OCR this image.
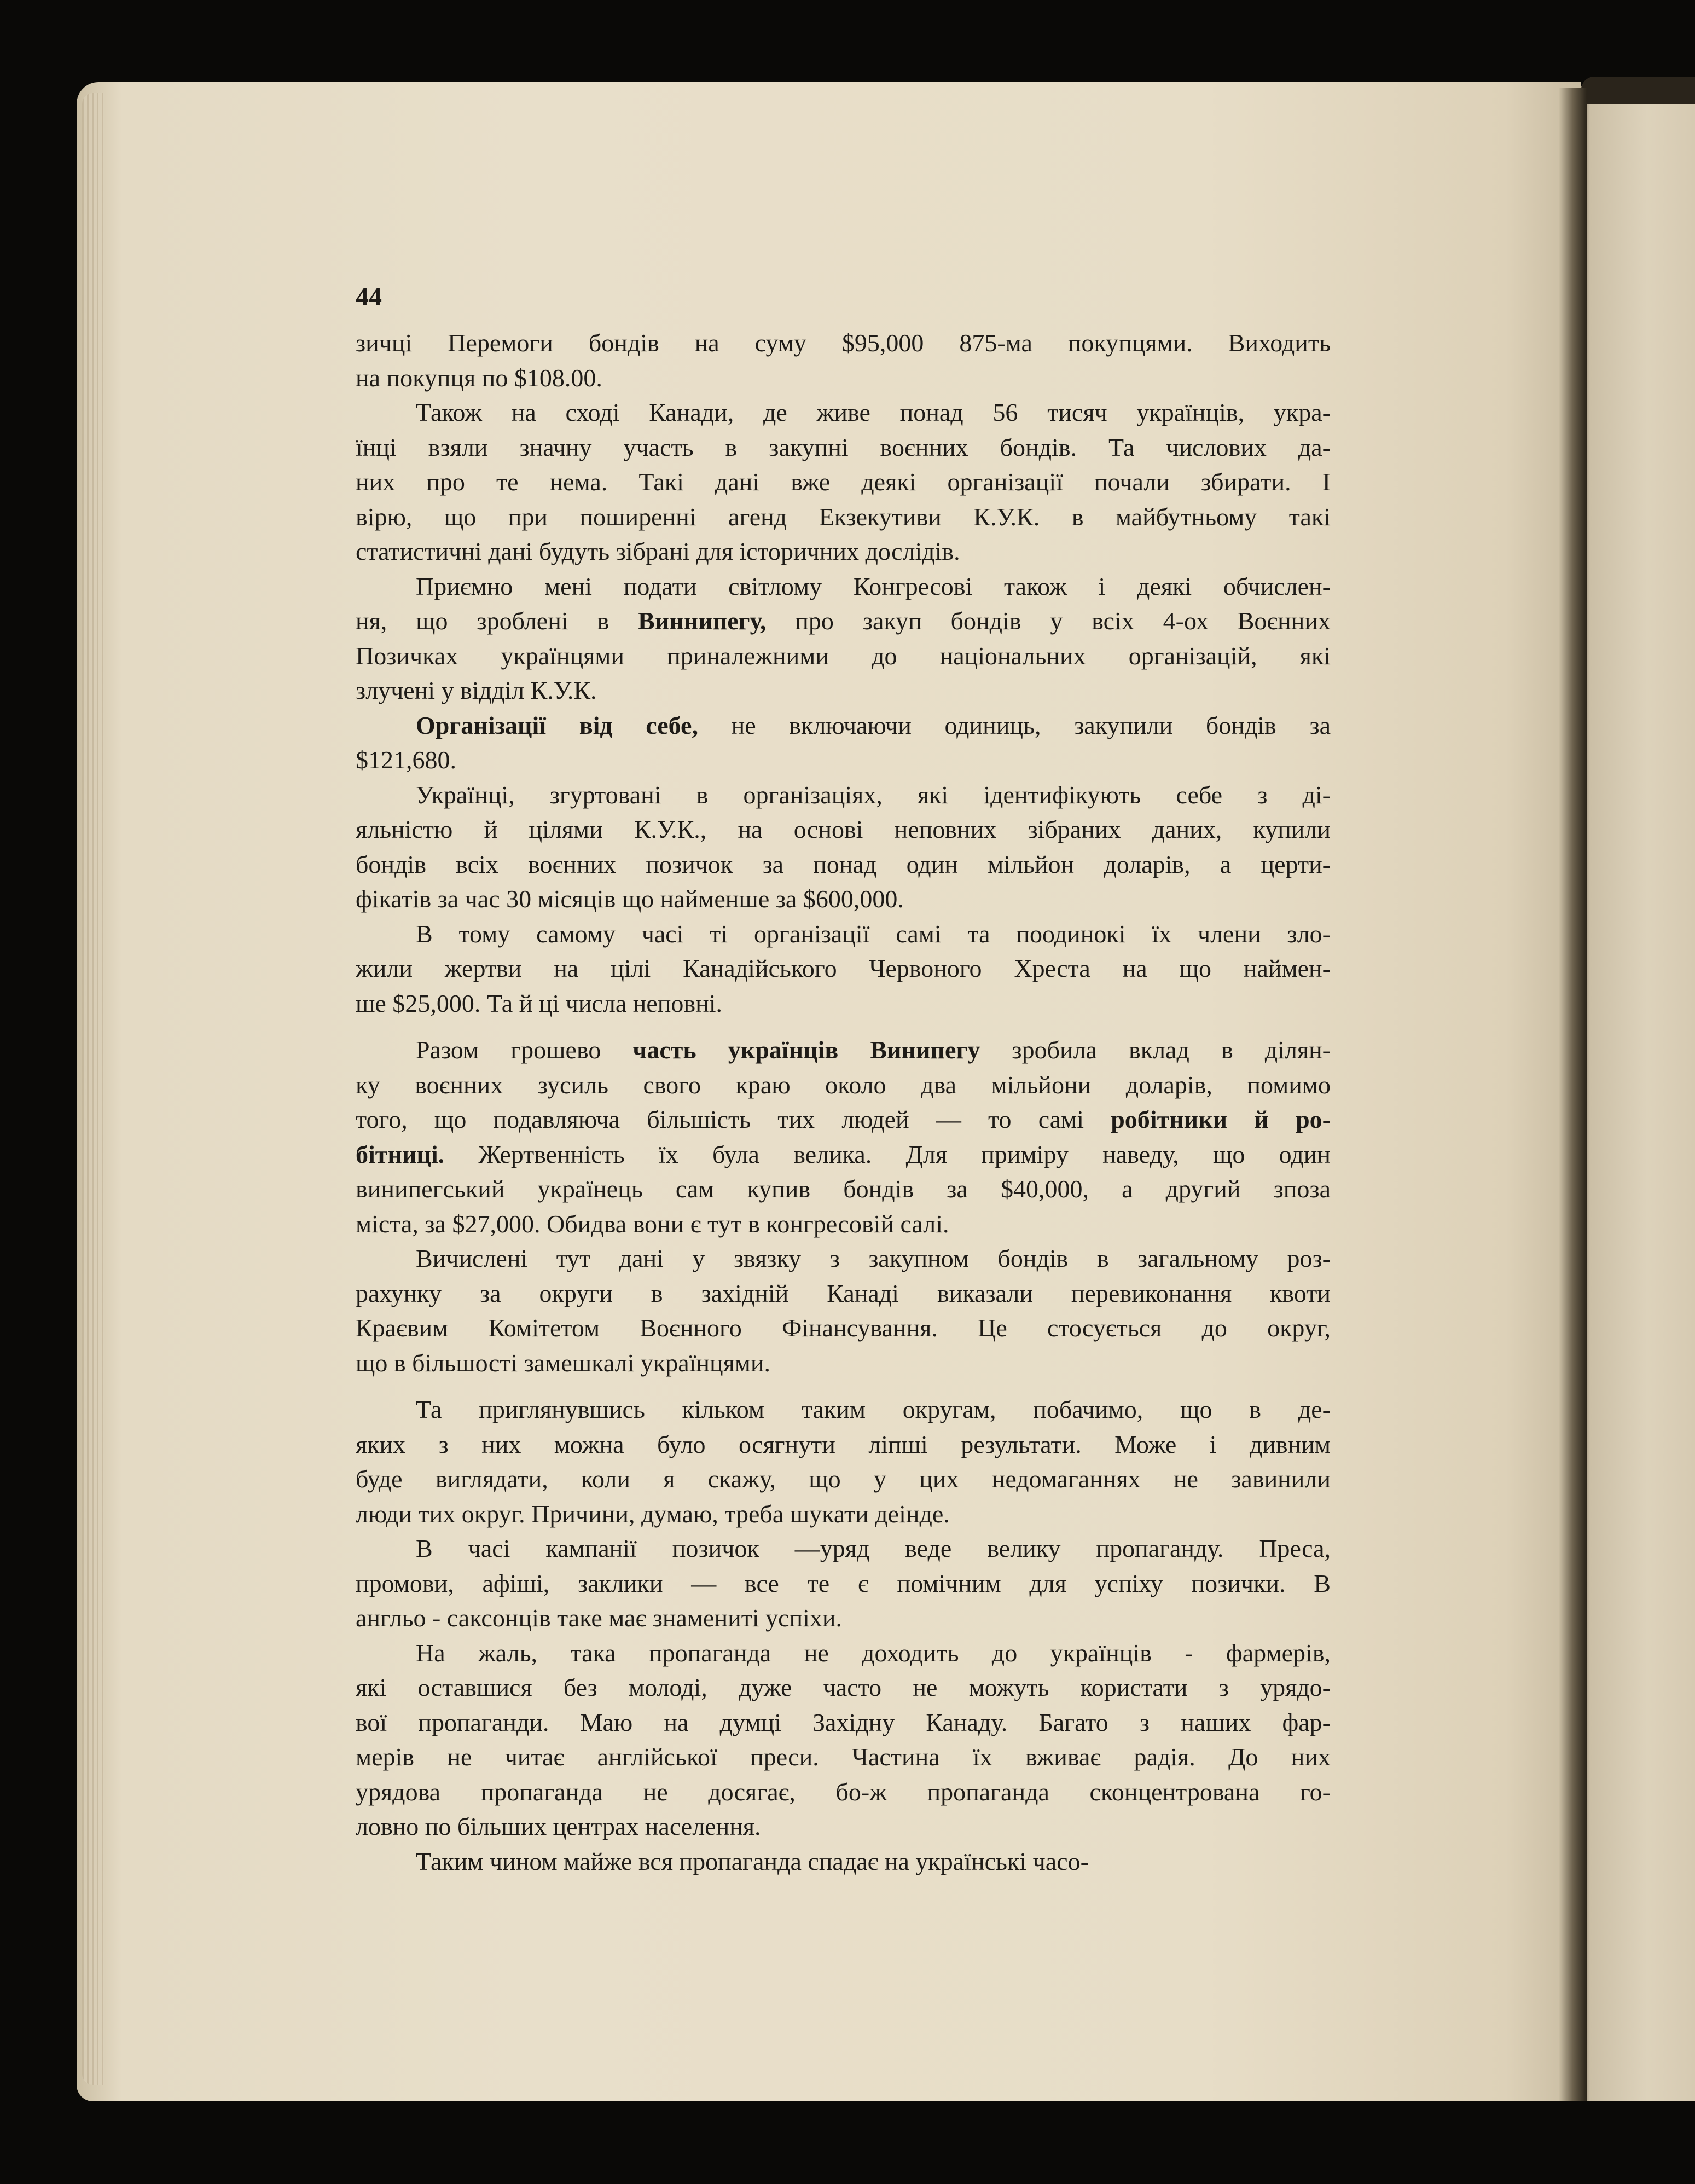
44
зичці Перемоги бондів на суму $95,000 875-ма покупцями. Виходить
на покупця по $108.00.
Також на сході Канади, де живе понад 56 тисяч українців, укра-
їнці взяли значну участь в закупні воєнних бондів. Та числових да-
них про те нема. Такі дані вже деякі організації почали збирати. І
вірю, що при поширенні агенд Екзекутиви К.У.К. в майбутньому такі
статистичні дані будуть зібрані для історичних дослідів.
Приємно мені подати світлому Конгресові також і деякі обчислен-
ня, що зроблені в Виннипегу, про закуп бондів у всіх 4-ох Воєнних
Позичках українцями приналежними до національних організацій, які
злучені у відділ К.У.К.
Організації від себе, не включаючи одиниць, закупили бондів за
$121,680.
Українці, згуртовані в організаціях, які ідентифікують себе з ді-
яльністю й цілями К.У.К., на основі неповних зібраних даних, купили
бондів всіх воєнних позичок за понад один мільйон доларів, а церти-
фікатів за час 30 місяців що найменше за $600,000.
В тому самому часі ті організації самі та поодинокі їх члени зло-
жили жертви на цілі Канадійського Червоного Хреста на що наймен-
ше $25,000. Та й ці числа неповні.
Разом грошево часть українців Винипегу зробила вклад в ділян-
ку воєнних зусиль свого краю около два мільйони доларів, помимо
того, що подавляюча більшість тих людей — то самі робітники й ро-
бітниці. Жертвенність їх була велика. Для приміру наведу, що один
винипегський українець сам купив бондів за $40,000, а другий зпоза
міста, за $27,000. Обидва вони є тут в конгресовій салі.
Вичислені тут дані у звязку з закупном бондів в загальному роз-
рахунку за округи в західній Канаді виказали перевиконання квоти
Краєвим Комітетом Воєнного Фінансування. Це стосується до округ,
що в більшості замешкалі українцями.
Та приглянувшись кільком таким округам, побачимо, що в де-
яких з них можна було осягнути ліпші результати. Може і дивним
буде виглядати, коли я скажу, що у цих недомаганнях не завинили
люди тих округ. Причини, думаю, треба шукати деінде.
В часі кампанії позичок —уряд веде велику пропаганду. Преса,
промови, афіші, заклики — все те є помічним для успіху позички. В
англьо - саксонців таке має знамениті успіхи.
На жаль, така пропаганда не доходить до українців - фармерів,
які оставшися без молоді, дуже часто не можуть користати з урядо-
вої пропаганди. Маю на думці Західну Канаду. Багато з наших фар-
мерів не читає англійської преси. Частина їх вживає радія. До них
урядова пропаганда не досягає, бо-ж пропаганда сконцентрована го-
ловно по більших центрах населення.
Таким чином майже вся пропаганда спадає на українські часо-
